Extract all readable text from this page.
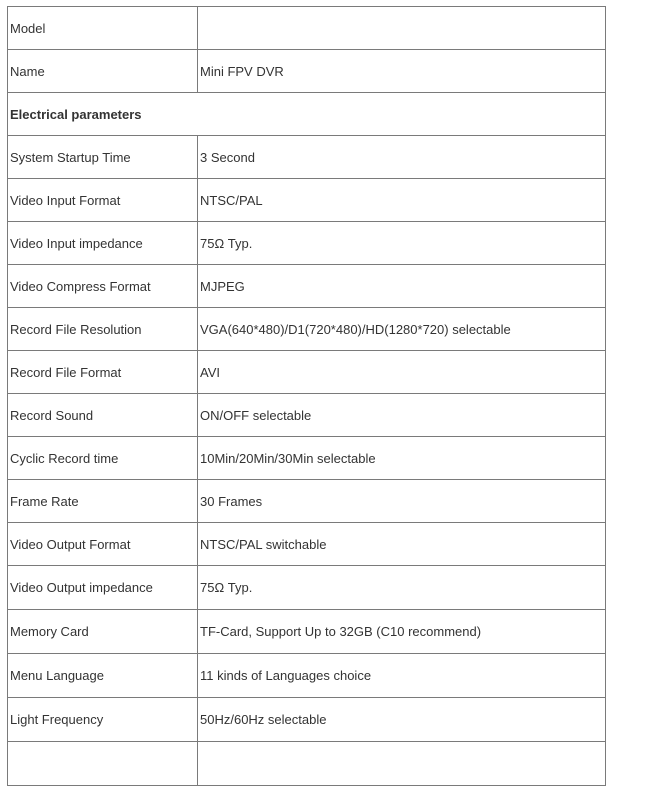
Model	
Name	Mini FPV DVR
Electrical parameters	
System Startup Time	3 Second
Video Input Format	NTSC/PAL
Video Input impedance	75Ω Typ.
Video Compress Format	MJPEG
Record File Resolution	VGA(640*480)/D1(720*480)/HD(1280*720) selectable
Record File Format	AVI
Record Sound	ON/OFF selectable
Cyclic Record time	10Min/20Min/30Min selectable
Frame Rate	30 Frames
Video Output Format	NTSC/PAL switchable
Video Output impedance	75Ω Typ.
Memory Card	TF-Card, Support Up to 32GB (C10 recommend)
Menu Language	11 kinds of Languages choice
Light Frequency	50Hz/60Hz selectable
